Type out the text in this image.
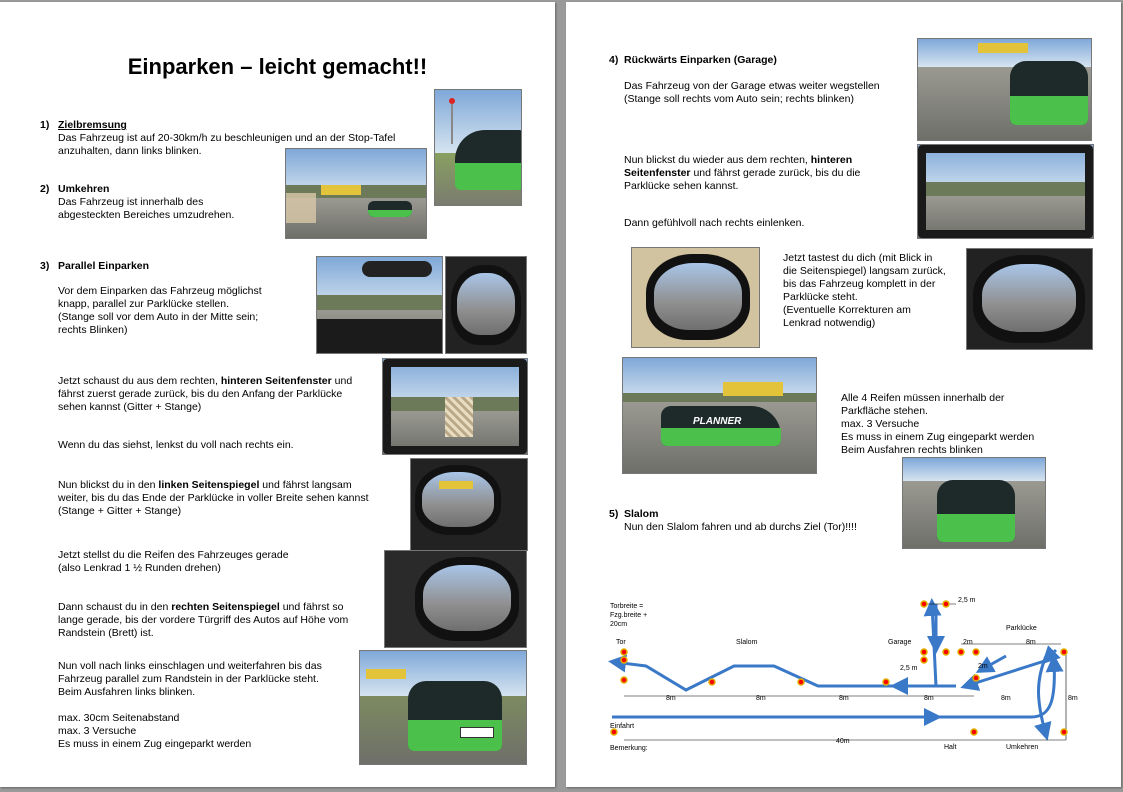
Einparken – leicht gemacht!!
1) Zielbremsung
Das Fahrzeug ist auf 20-30km/h zu beschleunigen und an der Stop-Tafel
anzuhalten, dann links blinken.
2) Umkehren
Das Fahrzeug ist innerhalb des
abgesteckten Bereiches umzudrehen.
3) Parallel Einparken
Vor dem Einparken das Fahrzeug möglichst
knapp, parallel zur Parklücke stellen.
(Stange soll vor dem Auto in der Mitte sein;
rechts Blinken)
Jetzt schaust du aus dem rechten, hinteren Seitenfenster und
fährst zuerst gerade zurück, bis du den Anfang der Parklücke
sehen kannst (Gitter + Stange)
Wenn du das siehst, lenkst du voll nach rechts ein.
Nun blickst du in den linken Seitenspiegel und fährst langsam
weiter, bis du das Ende der Parklücke in voller Breite sehen kannst
(Stange + Gitter + Stange)
Jetzt stellst du die Reifen des Fahrzeuges gerade
(also Lenkrad 1 ½ Runden drehen)
Dann schaust du in den rechten Seitenspiegel und fährst so
lange gerade, bis der vordere Türgriff des Autos auf Höhe vom
Randstein (Brett) ist.
Nun voll nach links einschlagen und weiterfahren bis das
Fahrzeug parallel zum Randstein in der Parklücke steht.
Beim Ausfahren links blinken.
max. 30cm Seitenabstand
max. 3 Versuche
Es muss in einem Zug eingeparkt werden
4) Rückwärts Einparken (Garage)
Das Fahrzeug von der Garage etwas weiter wegstellen
(Stange soll rechts vom Auto sein; rechts blinken)
Nun blickst du wieder aus dem rechten, hinteren
Seitenfenster und fährst gerade zurück, bis du die
Parklücke sehen kannst.
Dann gefühlvoll nach rechts einlenken.
Jetzt tastest du dich (mit Blick in
die Seitenspiegel) langsam zurück,
bis das Fahrzeug komplett in der
Parklücke steht.
(Eventuelle Korrekturen am
Lenkrad notwendig)
Alle 4 Reifen müssen innerhalb der
Parkfläche stehen.
max. 3 Versuche
Es muss in einem Zug eingeparkt werden
Beim Ausfahren rechts blinken
5) Slalom
Nun den Slalom fahren und ab durchs Ziel (Tor)!!!!
PLANNER
Torbreite = Fzg.breite + 20cm
Tor	Slalom	Garage
Parklücke
Einfahrt
Bemerkung:	Halt	Umkehren
2,5 m
2,5 m
2m
2m
8m
8m	8m	8m	8m	8m
8m
40m
